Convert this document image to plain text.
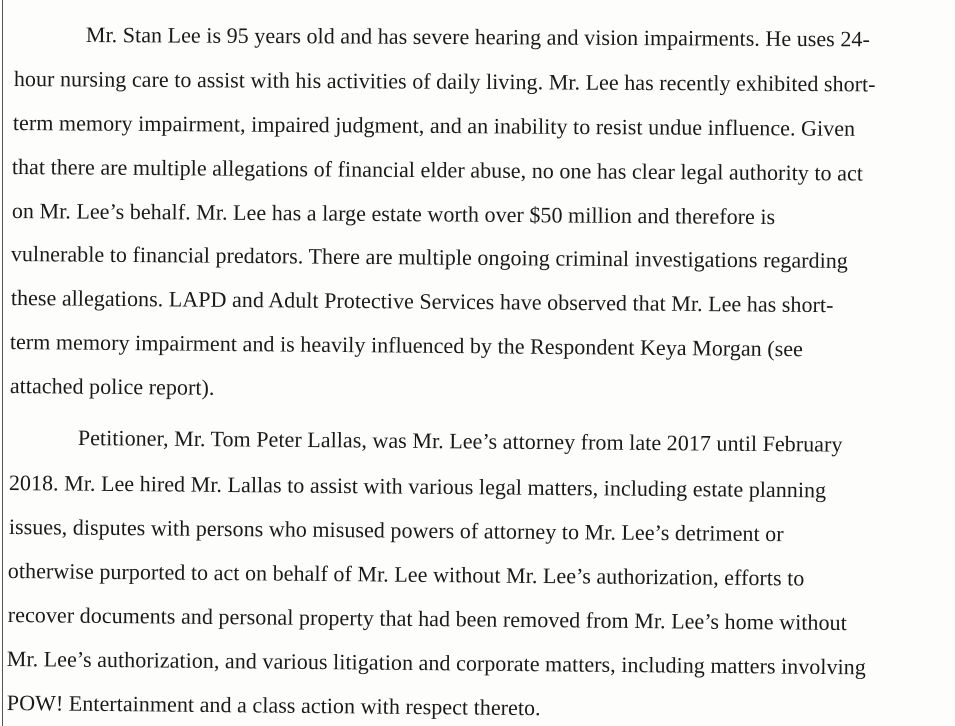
Mr. Stan Lee is 95 years old and has severe hearing and vision impairments. He uses 24-
hour nursing care to assist with his activities of daily living. Mr. Lee has recently exhibited short-
term memory impairment, impaired judgment, and an inability to resist undue influence. Given
that there are multiple allegations of financial elder abuse, no one has clear legal authority to act
on Mr. Lee’s behalf. Mr. Lee has a large estate worth over $50 million and therefore is
vulnerable to financial predators. There are multiple ongoing criminal investigations regarding
these allegations. LAPD and Adult Protective Services have observed that Mr. Lee has short-
term memory impairment and is heavily influenced by the Respondent Keya Morgan (see
attached police report).
Petitioner, Mr. Tom Peter Lallas, was Mr. Lee’s attorney from late 2017 until February
2018. Mr. Lee hired Mr. Lallas to assist with various legal matters, including estate planning
issues, disputes with persons who misused powers of attorney to Mr. Lee’s detriment or
otherwise purported to act on behalf of Mr. Lee without Mr. Lee’s authorization, efforts to
recover documents and personal property that had been removed from Mr. Lee’s home without
Mr. Lee’s authorization, and various litigation and corporate matters, including matters involving
POW! Entertainment and a class action with respect thereto.
